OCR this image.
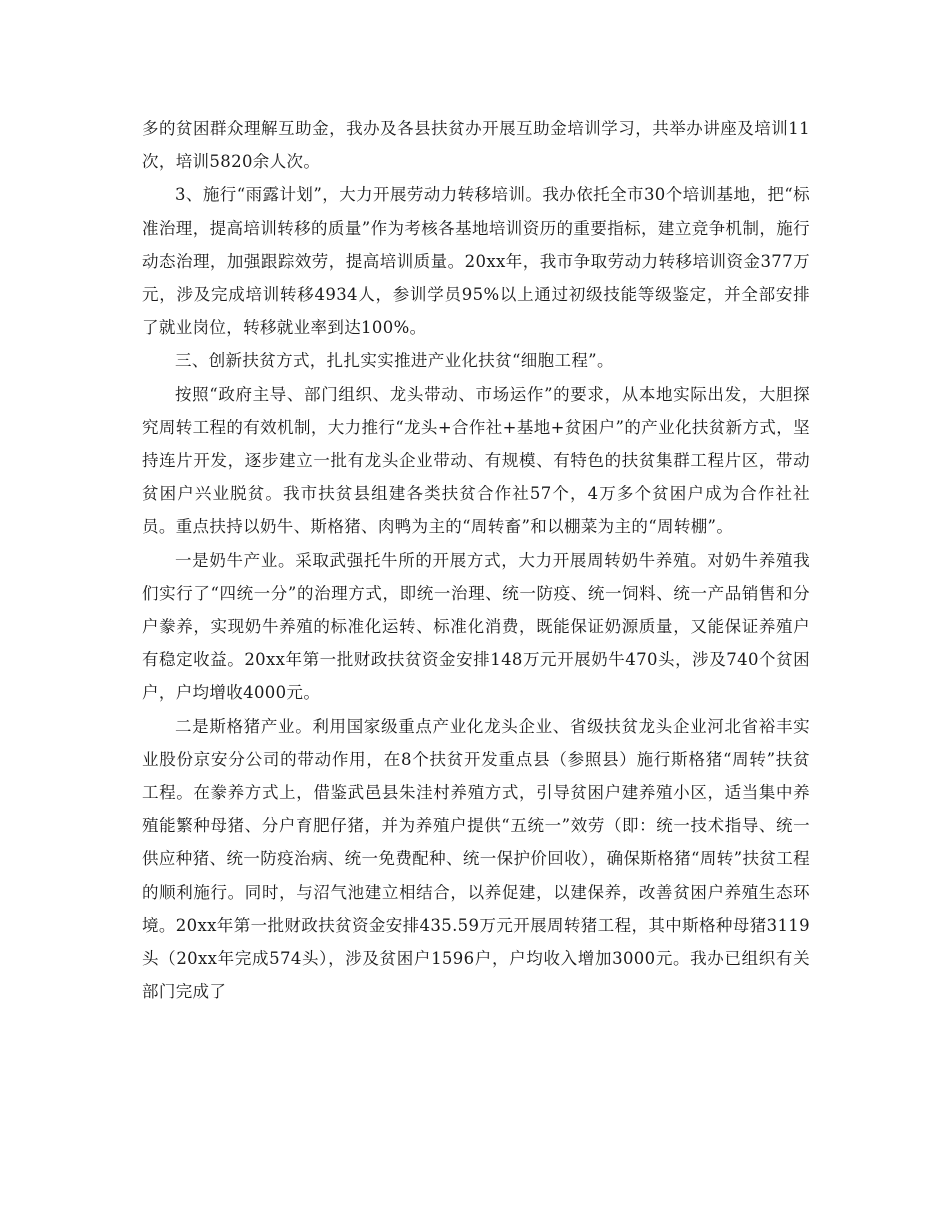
多的贫困群众理解互助金，我办及各县扶贫办开展互助金培训学习，共举办讲座及培训11次，培训5820余人次。

3、施行“雨露计划”，大力开展劳动力转移培训。我办依托全市30个培训基地，把“标准治理，提高培训转移的质量”作为考核各基地培训资历的重要指标，建立竞争机制，施行动态治理，加强跟踪效劳，提高培训质量。20xx年，我市争取劳动力转移培训资金377万元，涉及完成培训转移4934人，参训学员95%以上通过初级技能等级鉴定，并全部安排了就业岗位，转移就业率到达100%。

三、创新扶贫方式，扎扎实实推进产业化扶贫“细胞工程”。

按照“政府主导、部门组织、龙头带动、市场运作”的要求，从本地实际出发，大胆探究周转工程的有效机制，大力推行“龙头+合作社+基地+贫困户”的产业化扶贫新方式，坚持连片开发，逐步建立一批有龙头企业带动、有规模、有特色的扶贫集群工程片区，带动贫困户兴业脱贫。我市扶贫县组建各类扶贫合作社57个，4万多个贫困户成为合作社社员。重点扶持以奶牛、斯格猪、肉鸭为主的“周转畜”和以棚菜为主的“周转棚”。

一是奶牛产业。采取武强托牛所的开展方式，大力开展周转奶牛养殖。对奶牛养殖我们实行了“四统一分”的治理方式，即统一治理、统一防疫、统一饲料、统一产品销售和分户豢养，实现奶牛养殖的标准化运转、标准化消费，既能保证奶源质量，又能保证养殖户有稳定收益。20xx年第一批财政扶贫资金安排148万元开展奶牛470头，涉及740个贫困户，户均增收4000元。

二是斯格猪产业。利用国家级重点产业化龙头企业、省级扶贫龙头企业河北省裕丰实业股份京安分公司的带动作用，在8个扶贫开发重点县（参照县）施行斯格猪“周转”扶贫工程。在豢养方式上，借鉴武邑县朱洼村养殖方式，引导贫困户建养殖小区，适当集中养殖能繁种母猪、分户育肥仔猪，并为养殖户提供“五统一”效劳（即：统一技术指导、统一供应种猪、统一防疫治病、统一免费配种、统一保护价回收），确保斯格猪“周转”扶贫工程的顺利施行。同时，与沼气池建立相结合，以养促建，以建保养，改善贫困户养殖生态环境。20xx年第一批财政扶贫资金安排435.59万元开展周转猪工程，其中斯格种母猪3119头（20xx年完成574头），涉及贫困户1596户，户均收入增加3000元。我办已组织有关部门完成了
